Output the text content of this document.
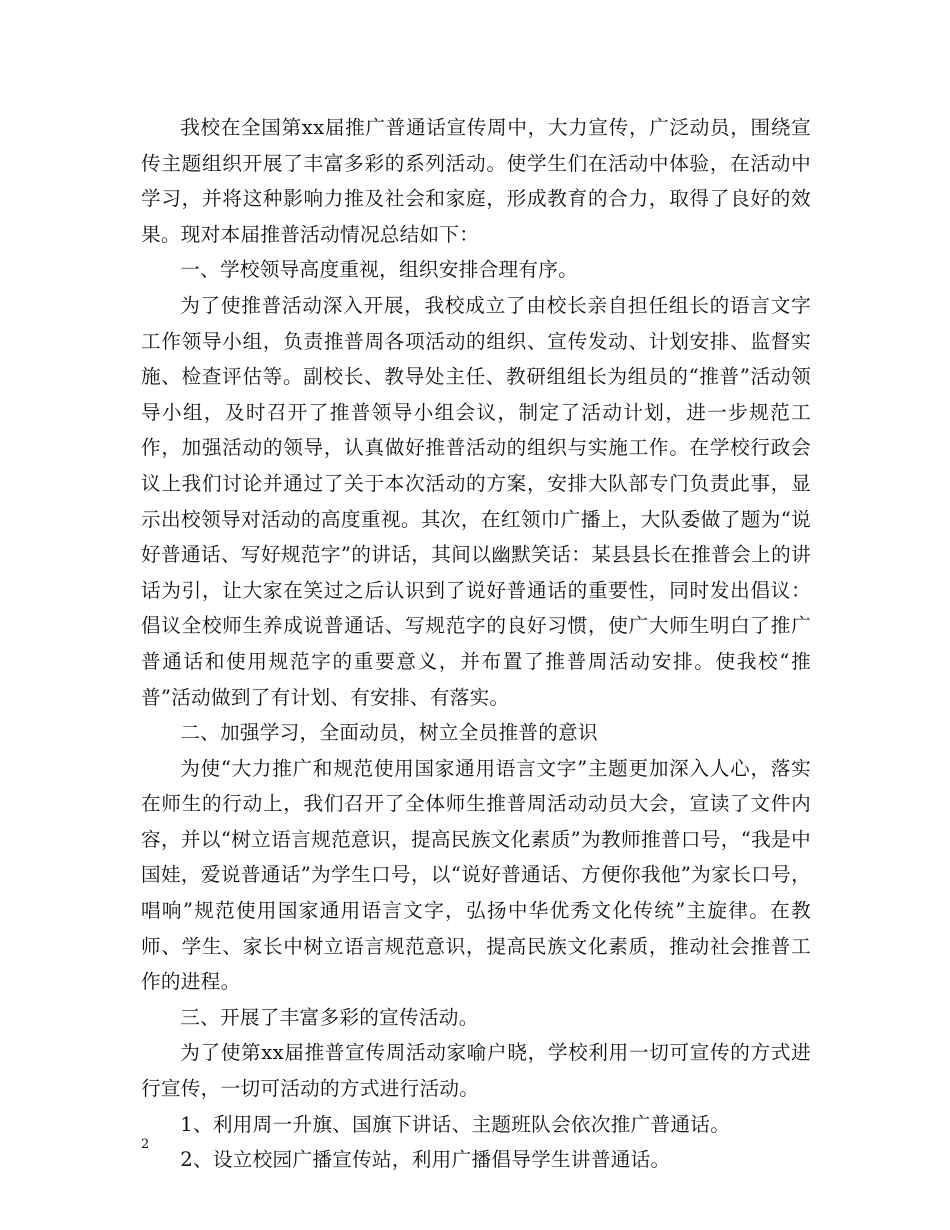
我校在全国第xx届推广普通话宣传周中，大力宣传，广泛动员，围绕宣传主题组织开展了丰富多彩的系列活动。使学生们在活动中体验，在活动中学习，并将这种影响力推及社会和家庭，形成教育的合力，取得了良好的效果。现对本届推普活动情况总结如下：

一、学校领导高度重视，组织安排合理有序。

为了使推普活动深入开展，我校成立了由校长亲自担任组长的语言文字工作领导小组，负责推普周各项活动的组织、宣传发动、计划安排、监督实施、检查评估等。副校长、教导处主任、教研组组长为组员的“推普”活动领导小组，及时召开了推普领导小组会议，制定了活动计划，进一步规范工作，加强活动的领导，认真做好推普活动的组织与实施工作。在学校行政会议上我们讨论并通过了关于本次活动的方案，安排大队部专门负责此事，显示出校领导对活动的高度重视。其次，在红领巾广播上，大队委做了题为“说好普通话、写好规范字”的讲话，其间以幽默笑话：某县县长在推普会上的讲话为引，让大家在笑过之后认识到了说好普通话的重要性，同时发出倡议：倡议全校师生养成说普通话、写规范字的良好习惯，使广大师生明白了推广普通话和使用规范字的重要意义，并布置了推普周活动安排。使我校“推普”活动做到了有计划、有安排、有落实。

二、加强学习，全面动员，树立全员推普的意识

为使“大力推广和规范使用国家通用语言文字”主题更加深入人心，落实在师生的行动上，我们召开了全体师生推普周活动动员大会，宣读了文件内容，并以“树立语言规范意识，提高民族文化素质”为教师推普口号，“我是中国娃，爱说普通话”为学生口号，以“说好普通话、方便你我他”为家长口号，唱响”规范使用国家通用语言文字，弘扬中华优秀文化传统”主旋律。在教师、学生、家长中树立语言规范意识，提高民族文化素质，推动社会推普工作的进程。

三、开展了丰富多彩的宣传活动。

为了使第xx届推普宣传周活动家喻户晓，学校利用一切可宣传的方式进行宣传，一切可活动的方式进行活动。

1、利用周一升旗、国旗下讲话、主题班队会依次推广普通话。

2、设立校园广播宣传站，利用广播倡导学生讲普通话。

2
